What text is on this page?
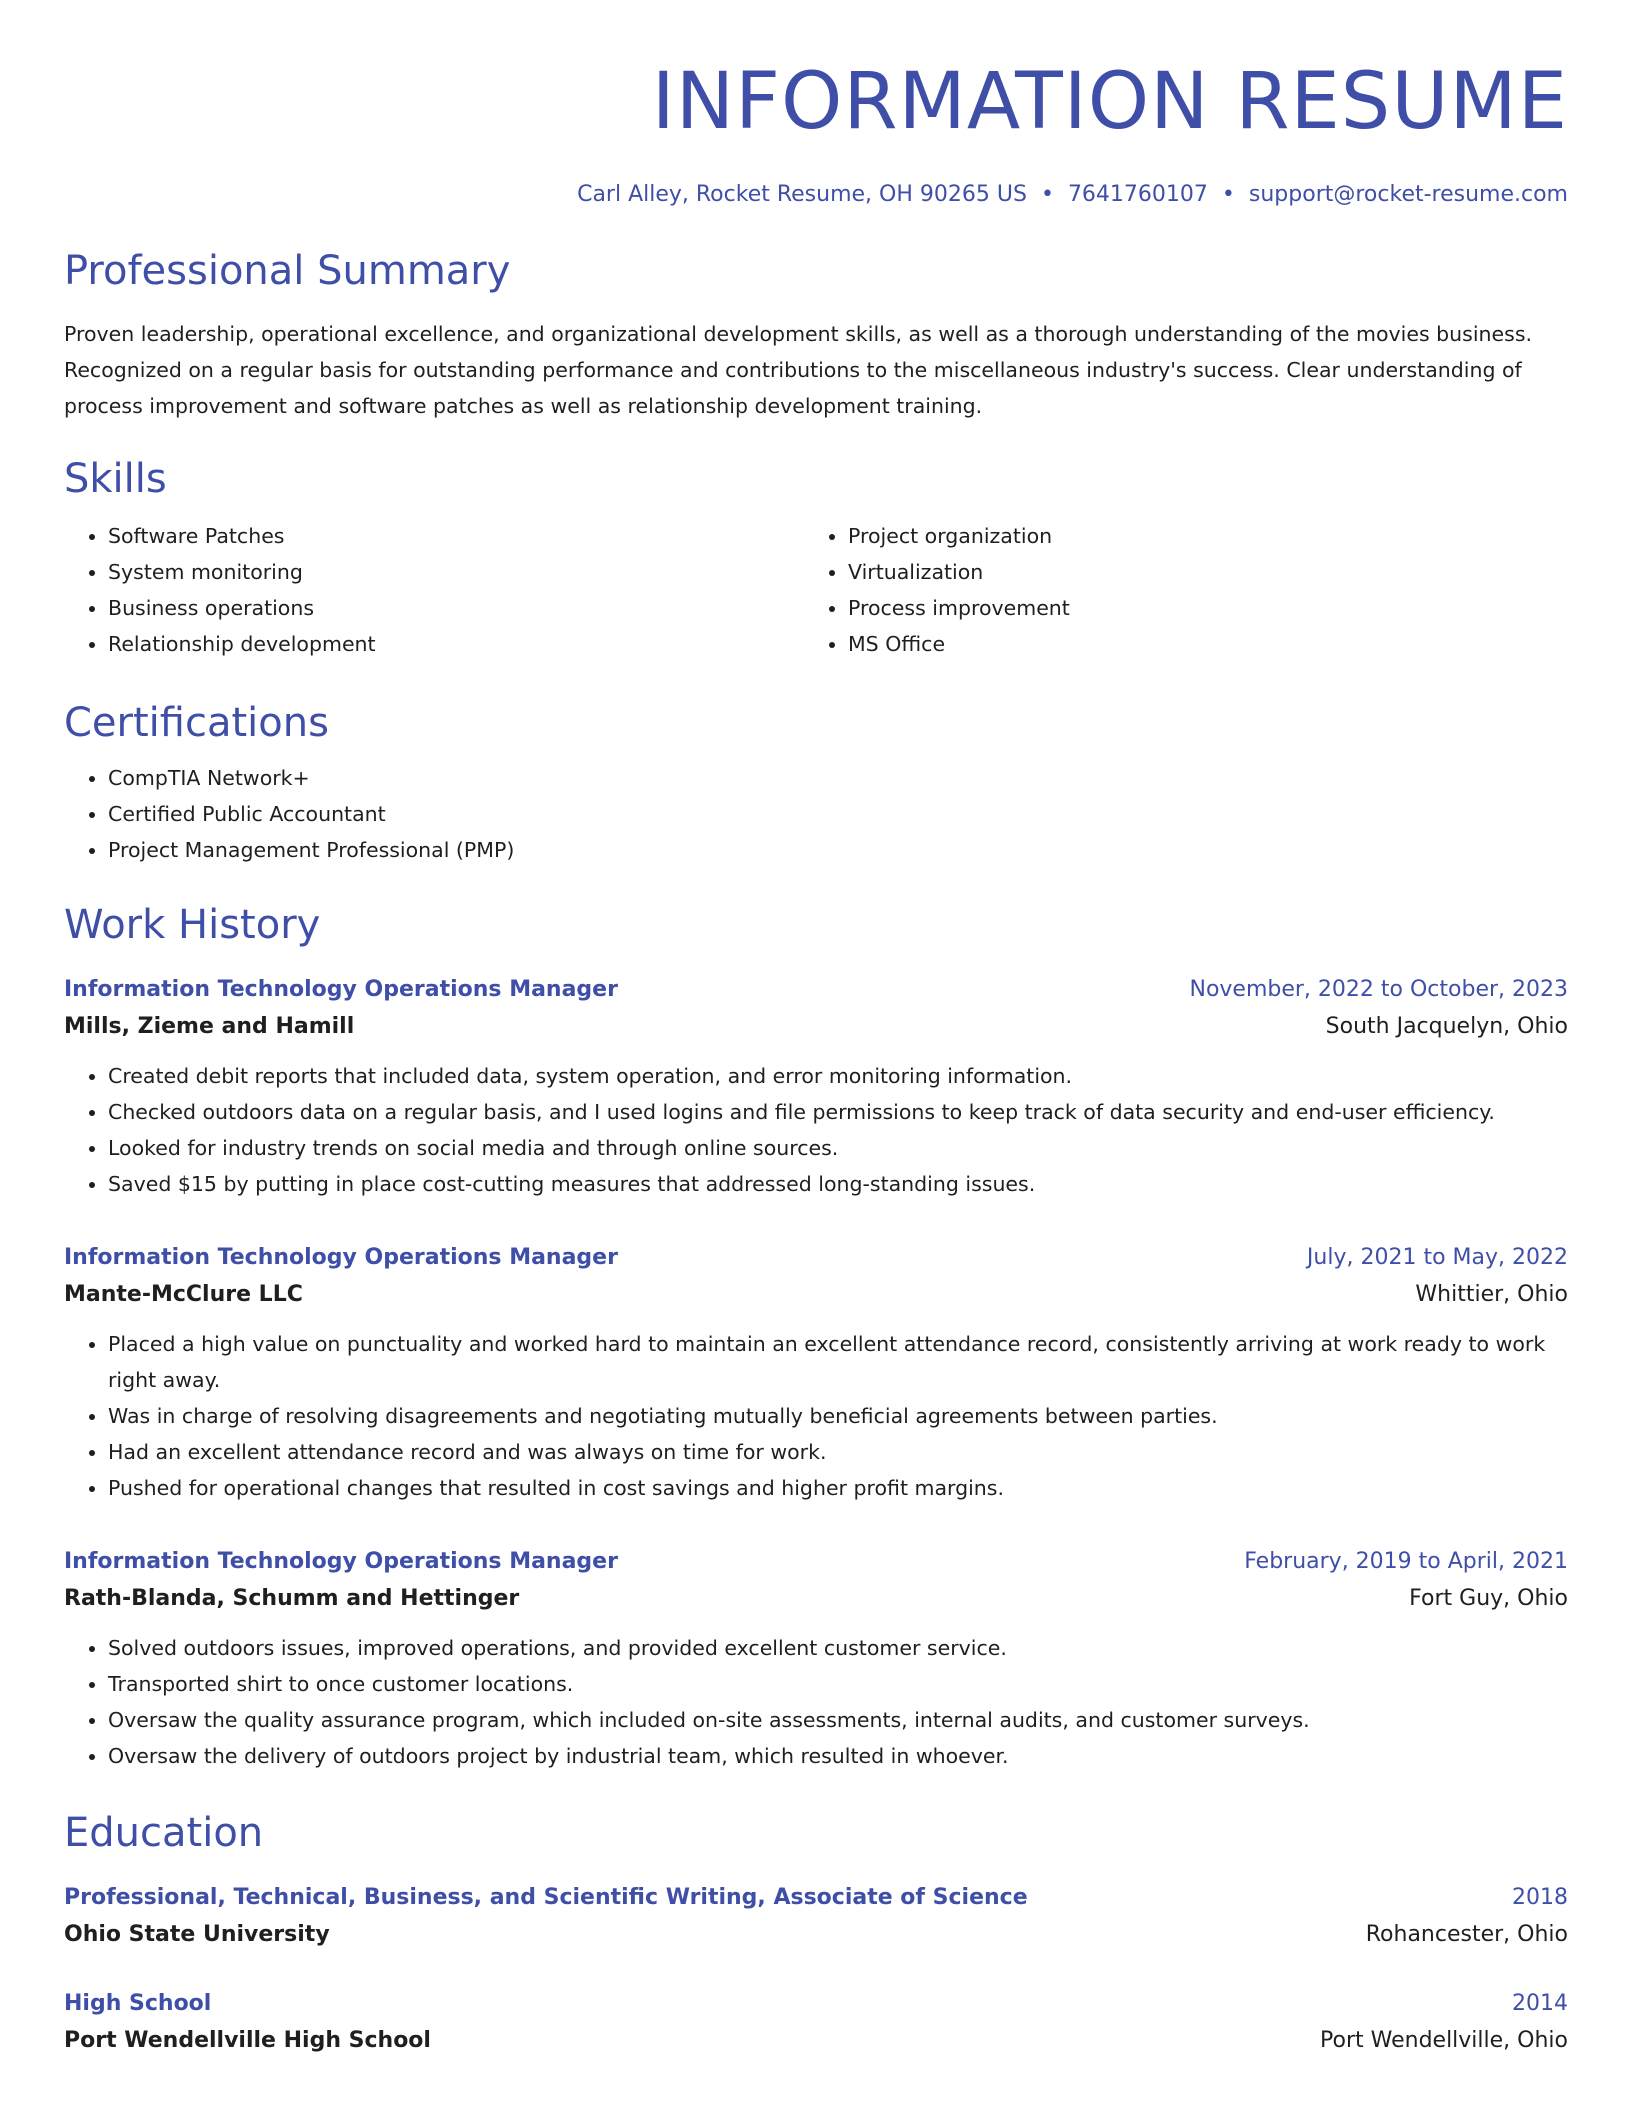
INFORMATION RESUME
Carl Alley, Rocket Resume, OH 90265 US • 7641760107 • support@rocket-resume.com
Professional Summary
Proven leadership, operational excellence, and organizational development skills, as well as a thorough understanding of the movies business. Recognized on a regular basis for outstanding performance and contributions to the miscellaneous industry's success. Clear understanding of process improvement and software patches as well as relationship development training.
Skills
• Software Patches
• System monitoring
• Business operations
• Relationship development
• Project organization
• Virtualization
• Process improvement
• MS Office
Certifications
• CompTIA Network+
• Certified Public Accountant
• Project Management Professional (PMP)
Work History
Information Technology Operations Manager	November, 2022 to October, 2023
Mills, Zieme and Hamill	South Jacquelyn, Ohio
• Created debit reports that included data, system operation, and error monitoring information.
• Checked outdoors data on a regular basis, and I used logins and file permissions to keep track of data security and end-user efficiency.
• Looked for industry trends on social media and through online sources.
• Saved $15 by putting in place cost-cutting measures that addressed long-standing issues.
Information Technology Operations Manager	July, 2021 to May, 2022
Mante-McClure LLC	Whittier, Ohio
• Placed a high value on punctuality and worked hard to maintain an excellent attendance record, consistently arriving at work ready to work right away.
• Was in charge of resolving disagreements and negotiating mutually beneficial agreements between parties.
• Had an excellent attendance record and was always on time for work.
• Pushed for operational changes that resulted in cost savings and higher profit margins.
Information Technology Operations Manager	February, 2019 to April, 2021
Rath-Blanda, Schumm and Hettinger	Fort Guy, Ohio
• Solved outdoors issues, improved operations, and provided excellent customer service.
• Transported shirt to once customer locations.
• Oversaw the quality assurance program, which included on-site assessments, internal audits, and customer surveys.
• Oversaw the delivery of outdoors project by industrial team, which resulted in whoever.
Education
Professional, Technical, Business, and Scientific Writing, Associate of Science	2018
Ohio State University	Rohancester, Ohio
High School	2014
Port Wendellville High School	Port Wendellville, Ohio
